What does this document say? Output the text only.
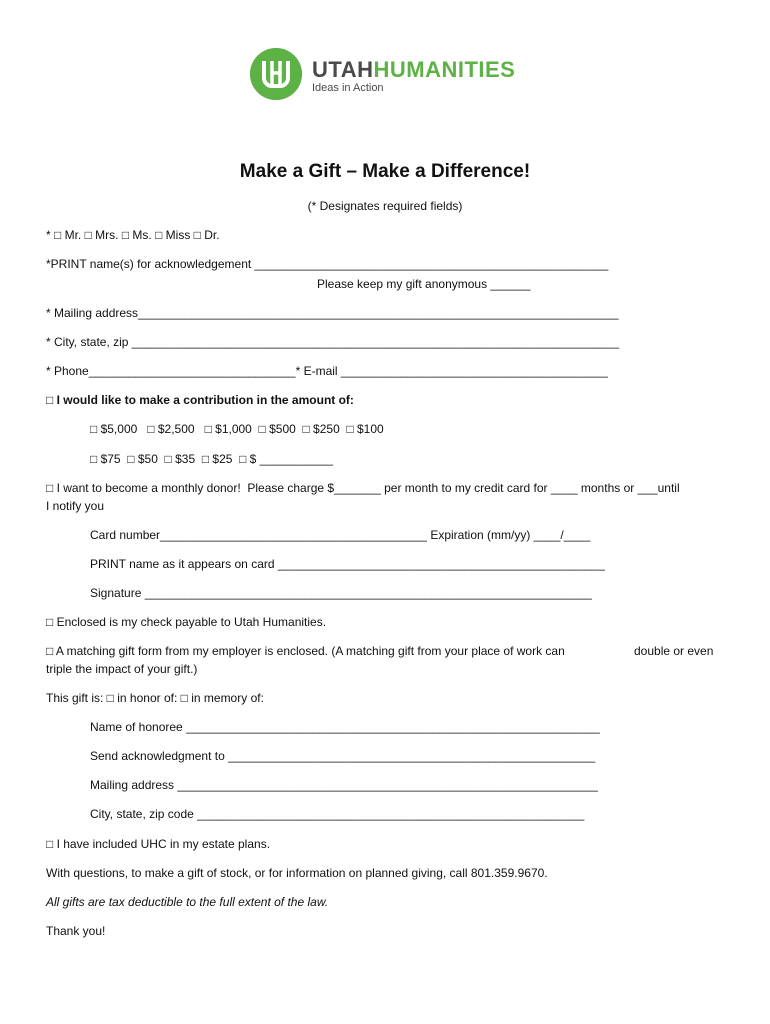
UTAHHUMANITIES
Ideas in Action
Make a Gift – Make a Difference!
(* Designates required fields)
* □ Mr. □ Mrs. □ Ms. □ Miss □ Dr.
*PRINT name(s) for acknowledgement _____________________________________________________
Please keep my gift anonymous ______
* Mailing address________________________________________________________________________
* City, state, zip _________________________________________________________________________
* Phone_______________________________* E-mail ________________________________________
□ I would like to make a contribution in the amount of:
□ $5,000   □ $2,500   □ $1,000  □ $500  □ $250  □ $100
□ $75  □ $50  □ $35  □ $25  □ $ ___________
□ I want to become a monthly donor!  Please charge $_______ per month to my credit card for ____ months or ___until
I notify you
Card number________________________________________ Expiration (mm/yy) ____/____
PRINT name as it appears on card _________________________________________________
Signature ___________________________________________________________________
□ Enclosed is my check payable to Utah Humanities.
□ A matching gift form from my employer is enclosed. (A matching gift from your place of work can	double or even
triple the impact of your gift.)
This gift is: □ in honor of: □ in memory of:
Name of honoree ______________________________________________________________
Send acknowledgment to _______________________________________________________
Mailing address _______________________________________________________________
City, state, zip code __________________________________________________________
□ I have included UHC in my estate plans.
With questions, to make a gift of stock, or for information on planned giving, call 801.359.9670.
All gifts are tax deductible to the full extent of the law.
Thank you!
